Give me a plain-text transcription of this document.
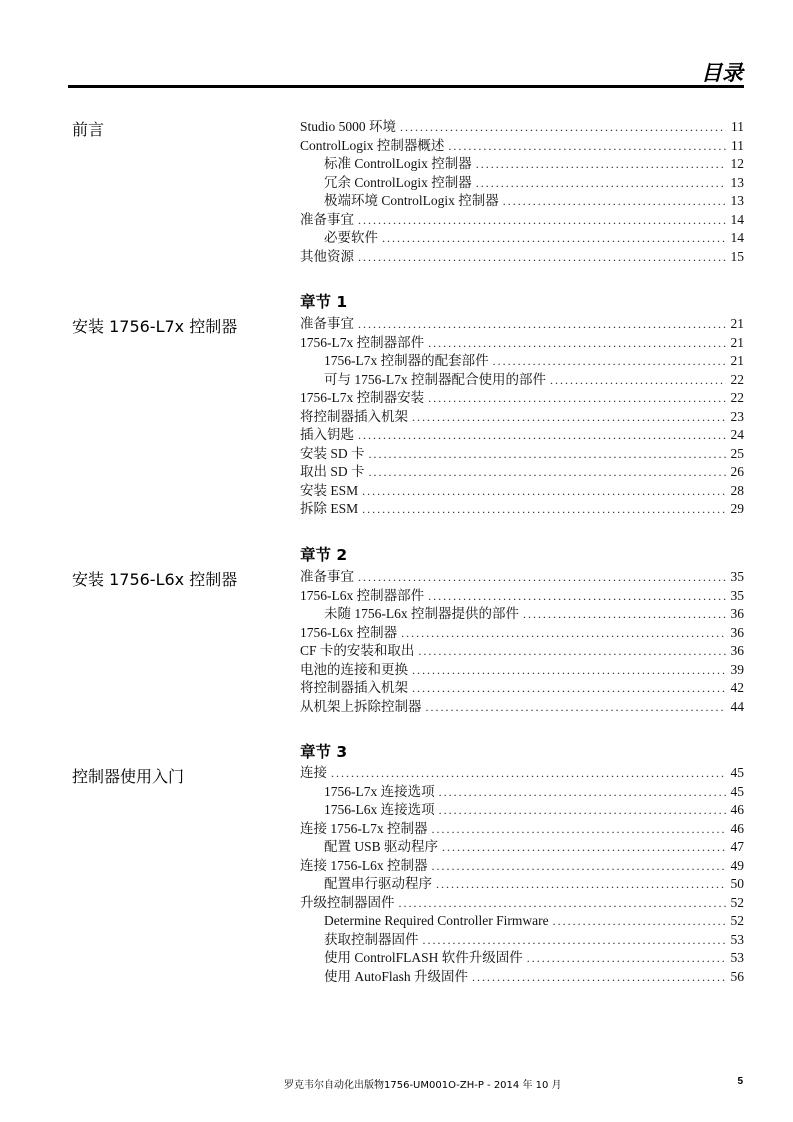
目录
前言	Studio 5000 环境 .....	11
ControlLogix 控制器概述 .....	11
标准 ControlLogix 控制器 .....	12
冗余 ControlLogix 控制器 .....	13
极端环境 ControlLogix 控制器 .....	13
准备事宜 .....	14
必要软件 .....	14
其他资源 .....	15
安装 1756-L7x 控制器
章节 1
准备事宜 .....	21
1756-L7x 控制器部件 .....	21
1756-L7x 控制器的配套部件 .....	21
可与 1756-L7x 控制器配合使用的部件 .....	22
1756-L7x 控制器安装 .....	22
将控制器插入机架 .....	23
插入钥匙 .....	24
安装 SD 卡 .....	25
取出 SD 卡 .....	26
安装 ESM .....	28
拆除 ESM .....	29
安装 1756-L6x 控制器
章节 2
准备事宜 .....	35
1756-L6x 控制器部件 .....	35
未随 1756-L6x 控制器提供的部件 .....	36
1756-L6x 控制器 .....	36
CF 卡的安装和取出 .....	36
电池的连接和更换 .....	39
将控制器插入机架 .....	42
从机架上拆除控制器 .....	44
控制器使用入门
章节 3
连接 .....	45
1756-L7x 连接选项 .....	45
1756-L6x 连接选项 .....	46
连接 1756-L7x 控制器 .....	46
配置 USB 驱动程序 .....	47
连接 1756-L6x 控制器 .....	49
配置串行驱动程序 .....	50
升级控制器固件 .....	52
Determine Required Controller Firmware .....	52
获取控制器固件 .....	53
使用 ControlFLASH 软件升级固件 .....	53
使用 AutoFlash 升级固件 .....	56
罗克韦尔自动化出版物1756-UM001O-ZH-P - 2014 年 10 月	5
